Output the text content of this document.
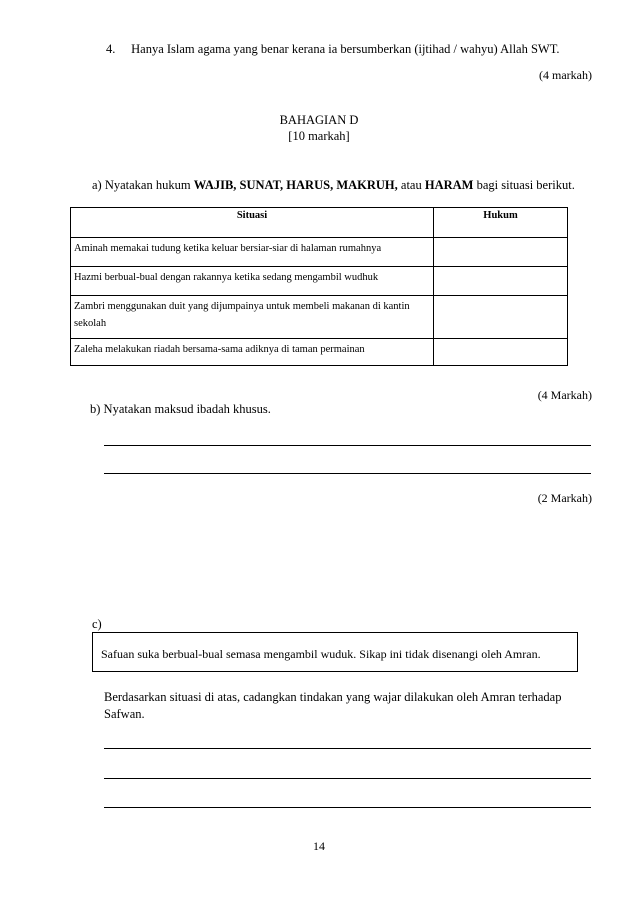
4. Hanya Islam agama yang benar kerana ia bersumberkan (ijtihad / wahyu) Allah SWT.
(4 markah)
BAHAGIAN D
[10 markah]
a) Nyatakan hukum WAJIB, SUNAT, HARUS, MAKRUH, atau HARAM bagi situasi berikut.
Situasi	Hukum
Aminah memakai tudung ketika keluar bersiar-siar di halaman rumahnya	
Hazmi berbual-bual dengan rakannya ketika sedang mengambil wudhuk	
Zambri menggunakan duit yang dijumpainya untuk membeli makanan di kantin sekolah	
Zaleha melakukan riadah bersama-sama adiknya di taman permainan	
(4 Markah)
b) Nyatakan maksud ibadah khusus.
(2 Markah)
c)
Safuan suka berbual-bual semasa mengambil wuduk. Sikap ini tidak disenangi oleh Amran.
Berdasarkan situasi di atas, cadangkan tindakan yang wajar dilakukan oleh Amran terhadap Safwan.
14
